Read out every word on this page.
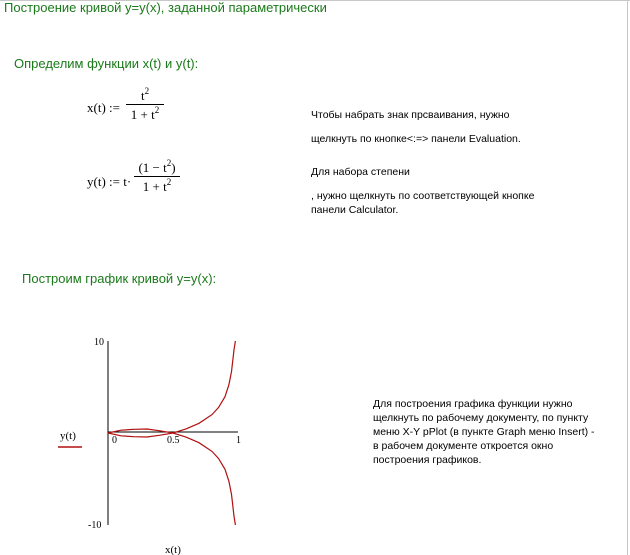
Построение кривой y=y(x), заданной параметрически
Определим функции x(t) и y(t):
x(t) :=
$t^2$
$1 + t^2$
y(t) := t·
$(1 - t^2)$
$1 + t^2$
Чтобы набрать знак прсваивания, нужно
щелкнуть по кнопке<:=> панели Evaluation.
Для набора степени
, нужно щелкнуть по соответствующей кнопке
панели Calculator.
Построим график кривой y=y(x):
Для построения графика функции нужно
щелкнуть по рабочему документу, по пункту
меню X-Y pPlot (в пункте Graph меню Insert) -
в рабочем документе откроется окно
построения графиков.
10
-10
0	0.5	1
y(t)
x(t)
